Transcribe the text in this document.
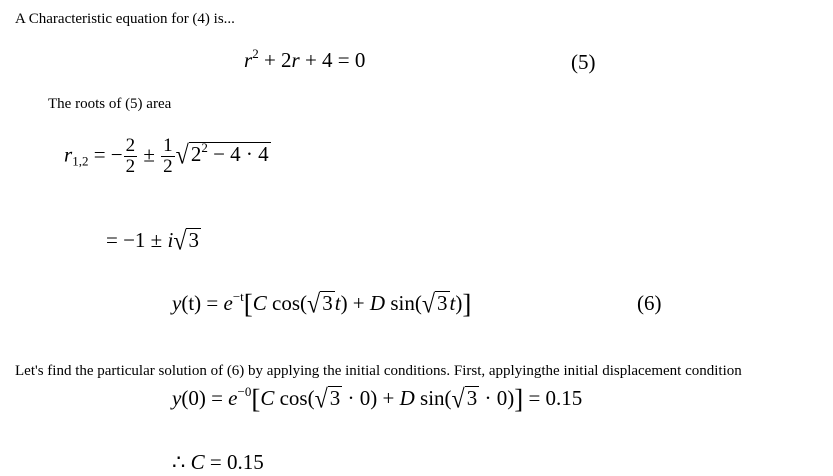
A Characteristic equation for (4) is...
$r^2 + 2r + 4 = 0$	(5)
The roots of (5) area
$r_{1,2}$ = − $\frac{2}{2} \pm \frac{1}{2} √2^2 - 4 \cdot 4$
= −1 ± i√3
$y(t) = e^{-t}[C$ cos(√3t) + D sin(√3t)]	(6)
Let's find the particular solution of (6) by applying the initial conditions. First, applyingthe initial displacement condition
$y(0) = e^{-0}[C$ cos(√3 · 0) + D sin(√3 · 0)] = 0.15
∴ C = 0.15
